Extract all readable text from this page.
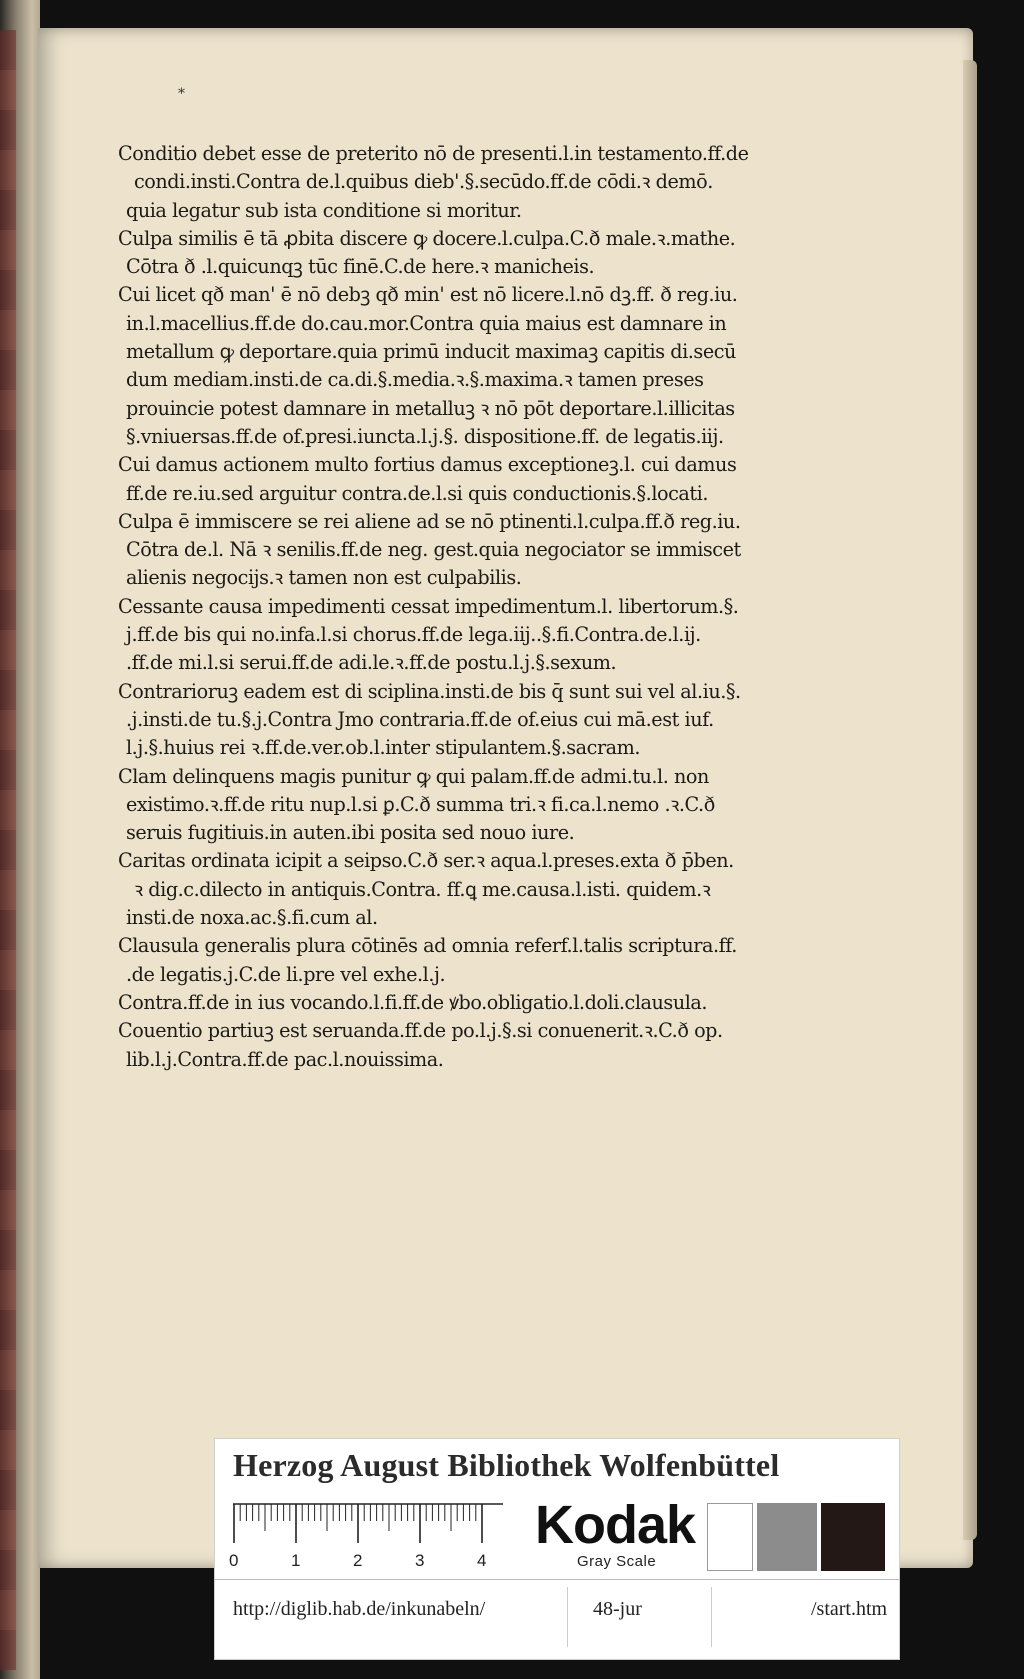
*

Conditio debet esse de preterito nō de presenti.l.in testamento.ff.de
condi.insti.Contra de.l.quibus dieb'.§.secūdo.ff.de cōdi.ꝛ demō.
quia legatur sub ista conditione si moritur.
Culpa similis ē tā ꝓbita discere ꝙ docere.l.culpa.C.ð male.ꝛ.mathe.
Cōtra ð .l.quicunqꝫ tūc finē.C.de here.ꝛ manicheis.
Cui licet qð man' ē nō debꝫ qð min' est nō licere.l.nō dꝫ.ff. ð reg.iu.
in.l.macellius.ff.de do.cau.mor.Contra quia maius est damnare in
metallum ꝙ deportare.quia primū inducit maximaꝫ capitis di.secū
dum mediam.insti.de ca.di.§.media.ꝛ.§.maxima.ꝛ tamen preses
prouincie potest damnare in metalluꝫ ꝛ nō pōt deportare.l.illicitas
§.vniuersas.ff.de of.presi.iuncta.l.j.§. dispositione.ff. de legatis.iij.
Cui damus actionem multo fortius damus exceptioneꝫ.l. cui damus
ff.de re.iu.sed arguitur contra.de.l.si quis conductionis.§.locati.
Culpa ē immiscere se rei aliene ad se nō ptinenti.l.culpa.ff.ð reg.iu.
Cōtra de.l. Nā ꝛ senilis.ff.de neg. gest.quia negociator se immiscet
alienis negocijs.ꝛ tamen non est culpabilis.
Cessante causa impedimenti cessat impedimentum.l. libertorum.§.
j.ff.de bis qui no.infa.l.si chorus.ff.de lega.iij..§.fi.Contra.de.l.ij.
.ff.de mi.l.si serui.ff.de adi.le.ꝛ.ff.de postu.l.j.§.sexum.
Contrarioruꝫ eadem est di sciplina.insti.de bis q̄ sunt sui vel al.iu.§.
.j.insti.de tu.§.j.Contra Jmo contraria.ff.de of.eius cui mā.est iuf.
l.j.§.huius rei ꝛ.ff.de.ver.ob.l.inter stipulantem.§.sacram.
Clam delinquens magis punitur ꝙ qui palam.ff.de admi.tu.l. non
existimo.ꝛ.ff.de ritu nup.l.si ꝑ.C.ð summa tri.ꝛ fi.ca.l.nemo .ꝛ.C.ð
seruis fugitiuis.in auten.ibi posita sed nouo iure.
Caritas ordinata icipit a seipso.C.ð ser.ꝛ aqua.l.preses.exta ð p̄ben.
ꝛ dig.c.dilecto in antiquis.Contra. ff.ꝗ me.causa.l.isti. quidem.ꝛ
insti.de noxa.ac.§.fi.cum al.
Clausula generalis plura cōtinēs ad omnia referf.l.talis scriptura.ff.
.de legatis.j.C.de li.pre vel exhe.l.j.
Contra.ff.de in ius vocando.l.fi.ff.de ꝟbo.obligatio.l.doli.clausula.
Couentio partiuꝫ est seruanda.ff.de po.l.j.§.si conuenerit.ꝛ.C.ð op.
lib.l.j.Contra.ff.de pac.l.nouissima.
Herzog August Bibliothek Wolfenbüttel
0	1	2	3	4
Kodak
Gray Scale
http://diglib.hab.de/inkunabeln/	48-jur	/start.htm
